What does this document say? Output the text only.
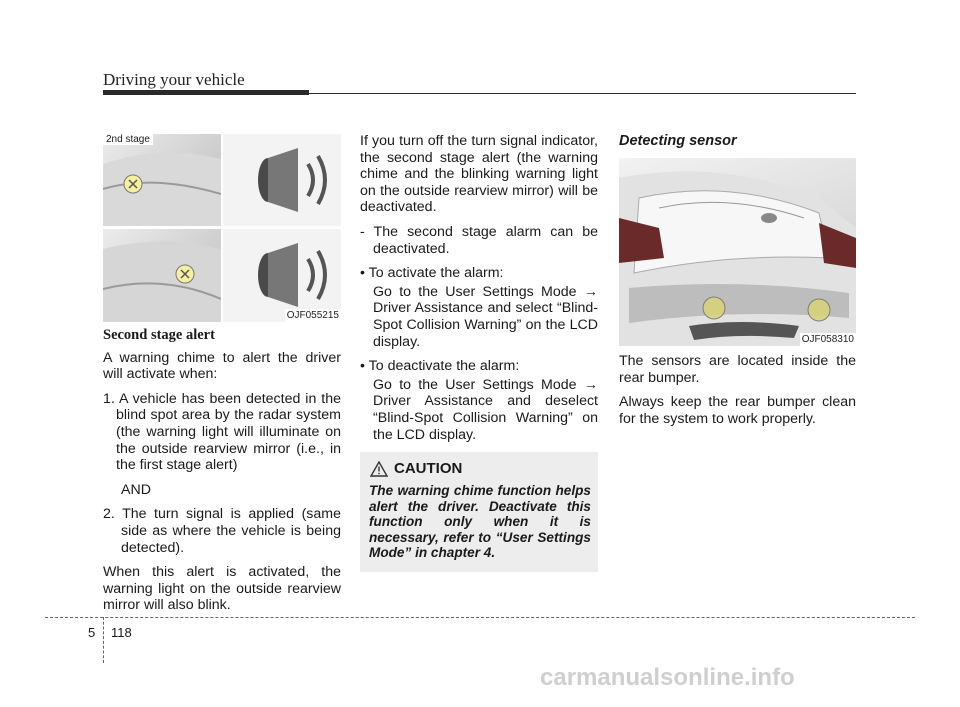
Driving your vehicle
2nd stage
OJF055215
Second stage alert

A warning chime to alert the driver will activate when:

1. A vehicle has been detected in the blind spot area by the radar system (the warning light will illuminate on the outside rearview mirror (i.e., in the first stage alert)

AND

2. The turn signal is applied (same side as where the vehicle is being detected).

When this alert is activated, the warning light on the outside rearview mirror will also blink.

If you turn off the turn signal indicator, the second stage alert (the warning chime and the blinking warning light on the outside rearview mirror) will be deactivated.

- The second stage alarm can be deactivated.

• To activate the alarm:

Go to the User Settings Mode → Driver Assistance and select “Blind-Spot Collision Warning” on the LCD display.

• To deactivate the alarm:

Go to the User Settings Mode → Driver Assistance and deselect “Blind-Spot Collision Warning” on the LCD display.

CAUTION
The warning chime function helps alert the driver. Deactivate this function only when it is necessary, refer to “User Settings Mode” in chapter 4.
Detecting sensor
OJF058310

The sensors are located inside the rear bumper.

Always keep the rear bumper clean for the system to work properly.

5 118
carmanualsonline.info
